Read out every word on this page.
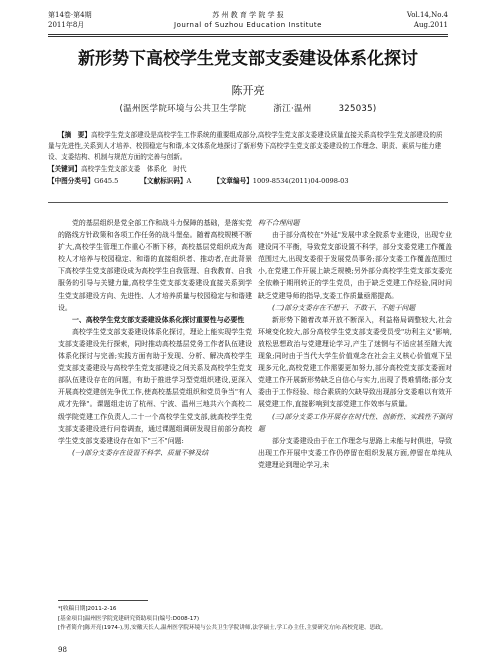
第14卷·第4期
2011年8月
苏 州 教 育 学 院 学 报
Journal of Suzhou Education Institute
Vol.14,No.4
Aug.2011
新形势下高校学生党支部支委建设体系化探讨
陈开亮
(温州医学院环境与公共卫生学院	浙江·温州	325035)

【摘　要】高校学生党支部建设是高校学生工作系统的重要组成部分,高校学生党支部支委建设质量直接关系高校学生党支部建设的质量与先进性,关系到人才培养、校园稳定与和谐,本文体系化地探讨了新形势下高校学生党支部支委建设的工作理念、职责、素质与能力建设、支委结构、机制与规范方面的完善与创新。

【关键词】高校学生党支部支委　体系化　时代
【中图分类号】G645.5	【文献标识码】A	【文章编号】1009-8534(2011)04-0098-03

党的基层组织是党全部工作和战斗力保障的基础，是落实党的路线方针政策和各项工作任务的战斗堡垒。随着高校规模不断扩大,高校学生管理工作重心不断下移，高校基层党组织成为高校人才培养与校园稳定、和谐的直接组织者、推动者,在此背景下高校学生党支部建设成为高校学生自我管理、自我教育、自我服务的引导与关键力量,高校学生党支部支委建设直接关系到学生党支部建设方向、先进性、人才培养质量与校园稳定与和谐建设。

一、高校学生党支部支委建设体系化探讨重要性与必要性

高校学生党支部支委建设体系化探讨，理论上能实现学生党支部支委建设先行探索，同时推动高校基层党务工作者队伍建设体系化探讨与完善;实践方面有助于发现、分析、解决高校学生党支部支委建设与高校学生党支部建设之间关系及高校学生党支部队伍建设存在的问题，有助于推进学习型党组织建设,更深入开展高校党建创先争优工作,使高校基层党组织和党员争当"有人成才先锋"。课题组走访了杭州、宁波、温州三地共六个高校二级学院党建工作负责人,二十一个高校学生党支部,就高校学生党支部支委建设进行问卷调查，通过课题组调研发现目前部分高校学生党支部支委建设存在如下"三不"问题:

(一)部分支委存在设置不科学、质量不够及结

构不合理问题

由于部分高校在"外延"发展中求全院系专业建设，出现专业建设同不平衡，导致党支部设置不科学，部分支委党建工作覆盖范围过大,出现支委很于发展党员事务;部分支委工作覆盖范围过小,在党建工作开展上缺乏规模;另外部分高校学生党支部支委完全依赖于期刑转正的学生党员，由于缺乏党建工作经验,同时问缺乏党建导师的指导,支委工作质量亟需提高。

(二)部分支委存在不想干、不敢干、不能干问题

新形势下随着改革开放不断深入，利益格局调整较大,社会环境变化较大,部分高校学生党支部支委受员受"功利主义"影响,放松思想政治与党建理论学习,产生了迷惘与不适应甚至随大流现象;同时由于当代大学生价值观念在社会主义核心价值观下呈现多元化,高校党建工作需要更加努力,部分高校党支部支委面对党建工作开展新形势缺乏自信心与实力,出现了畏难情绪;部分支委由于工作经验、综合素质的欠缺导致出现部分支委难以有效开展党建工作,直接影响到支部党建工作效率与质量。

(三)部分支委工作开展存在时代性、创新性、实践性不强问题

部分支委建设由于在工作理念与思路上未能与时俱进，导致出现工作开展中支委工作仍停留在组织发展方面,停留在单纯从党建理论到理论学习,未

*[收稿日期]2011-2-16
[基金项目]温州医学院党建研究资助项目(编号:D008-17)
[作者简介]陈开亮(1974-),男,安徽天长人,温州医学院环境与公共卫生学院讲师,法学硕士,学工办主任,主要研究方向:高校党建、思政。
98
